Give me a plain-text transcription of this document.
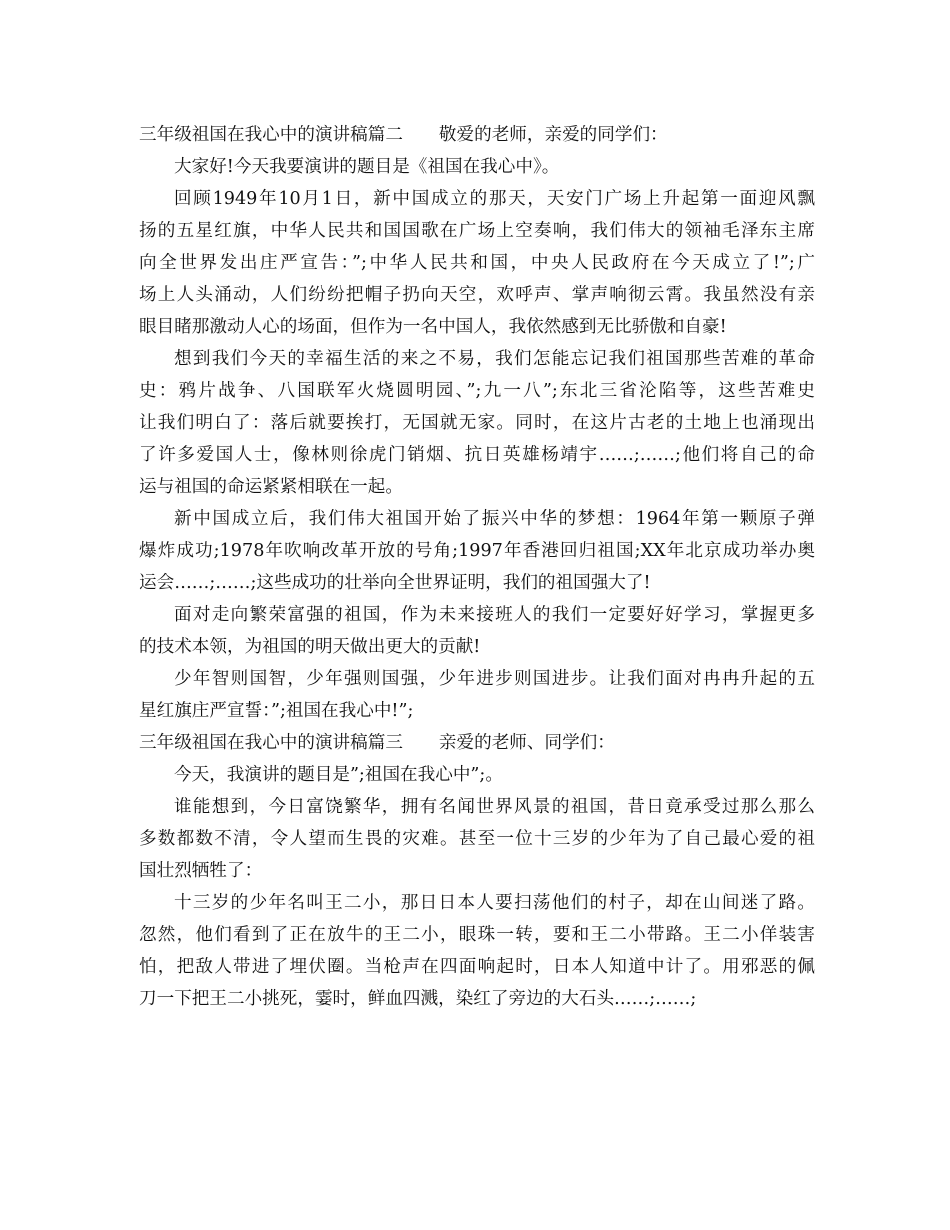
三年级祖国在我心中的演讲稿篇二 敬爱的老师，亲爱的同学们：
大家好!今天我要演讲的题目是《祖国在我心中》。
回顾1949年10月1日，新中国成立的那天，天安门广场上升起第一面迎风飘
扬的五星红旗，中华人民共和国国歌在广场上空奏响，我们伟大的领袖毛泽东主席
向全世界发出庄严宣告：”;中华人民共和国，中央人民政府在今天成立了!”;广
场上人头涌动，人们纷纷把帽子扔向天空，欢呼声、掌声响彻云霄。我虽然没有亲
眼目睹那激动人心的场面，但作为一名中国人，我依然感到无比骄傲和自豪!
想到我们今天的幸福生活的来之不易，我们怎能忘记我们祖国那些苦难的革命
史：鸦片战争、八国联军火烧圆明园、”;九一八”;东北三省沦陷等，这些苦难史
让我们明白了：落后就要挨打，无国就无家。同时，在这片古老的土地上也涌现出
了许多爱国人士，像林则徐虎门销烟、抗日英雄杨靖宇……;……;他们将自己的命
运与祖国的命运紧紧相联在一起。
新中国成立后，我们伟大祖国开始了振兴中华的梦想：1964年第一颗原子弹
爆炸成功;1978年吹响改革开放的号角;1997年香港回归祖国;XX年北京成功举办奥
运会……;……;这些成功的壮举向全世界证明，我们的祖国强大了!
面对走向繁荣富强的祖国，作为未来接班人的我们一定要好好学习，掌握更多
的技术本领，为祖国的明天做出更大的贡献!
少年智则国智，少年强则国强，少年进步则国进步。让我们面对冉冉升起的五
星红旗庄严宣誓：”;祖国在我心中!”;
三年级祖国在我心中的演讲稿篇三 亲爱的老师、同学们：
今天，我演讲的题目是”;祖国在我心中”;。
谁能想到，今日富饶繁华，拥有名闻世界风景的祖国，昔日竟承受过那么那么
多数都数不清，令人望而生畏的灾难。甚至一位十三岁的少年为了自己最心爱的祖
国壮烈牺牲了：
十三岁的少年名叫王二小，那日日本人要扫荡他们的村子，却在山间迷了路。
忽然，他们看到了正在放牛的王二小，眼珠一转，要和王二小带路。王二小佯装害
怕，把敌人带进了埋伏圈。当枪声在四面响起时，日本人知道中计了。用邪恶的佩
刀一下把王二小挑死，霎时，鲜血四溅，染红了旁边的大石头……;……;
